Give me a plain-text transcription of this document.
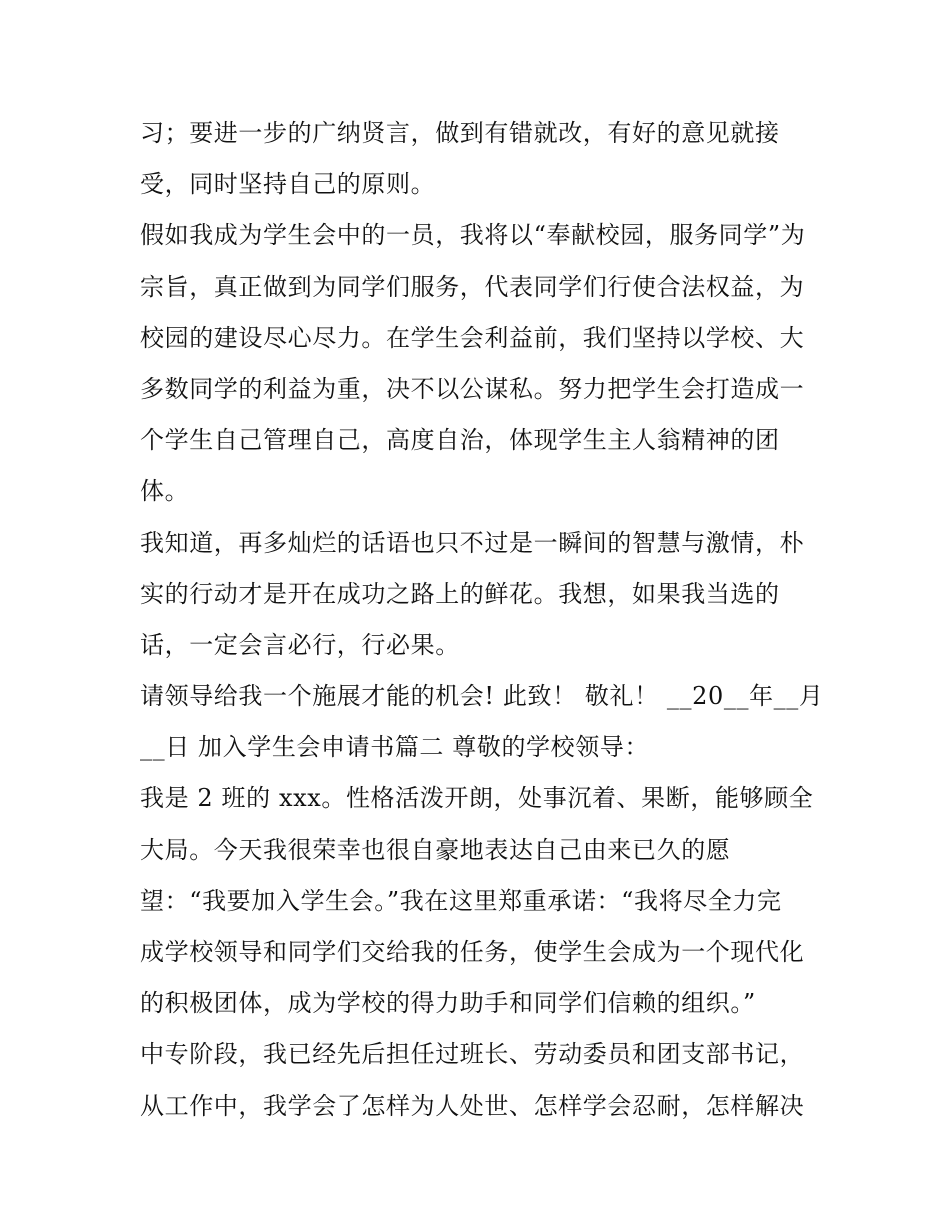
习；要进一步的广纳贤言，做到有错就改，有好的意见就接
受，同时坚持自己的原则。
假如我成为学生会中的一员，我将以“奉献校园，服务同学”为
宗旨，真正做到为同学们服务，代表同学们行使合法权益，为
校园的建设尽心尽力。在学生会利益前，我们坚持以学校、大
多数同学的利益为重，决不以公谋私。努力把学生会打造成一
个学生自己管理自己，高度自治，体现学生主人翁精神的团
体。
我知道，再多灿烂的话语也只不过是一瞬间的智慧与激情，朴
实的行动才是开在成功之路上的鲜花。我想，如果我当选的
话，一定会言必行，行必果。
请领导给我一个施展才能的机会! 此致！ 敬礼！ __20__年__月
__日 加入学生会申请书篇二 尊敬的学校领导：
我是 2 班的 xxx。性格活泼开朗，处事沉着、果断，能够顾全
大局。今天我很荣幸也很自豪地表达自己由来已久的愿
望：“我要加入学生会。”我在这里郑重承诺：“我将尽全力完
成学校领导和同学们交给我的任务，使学生会成为一个现代化
的积极团体，成为学校的得力助手和同学们信赖的组织。”
中专阶段，我已经先后担任过班长、劳动委员和团支部书记，
从工作中，我学会了怎样为人处世、怎样学会忍耐，怎样解决
